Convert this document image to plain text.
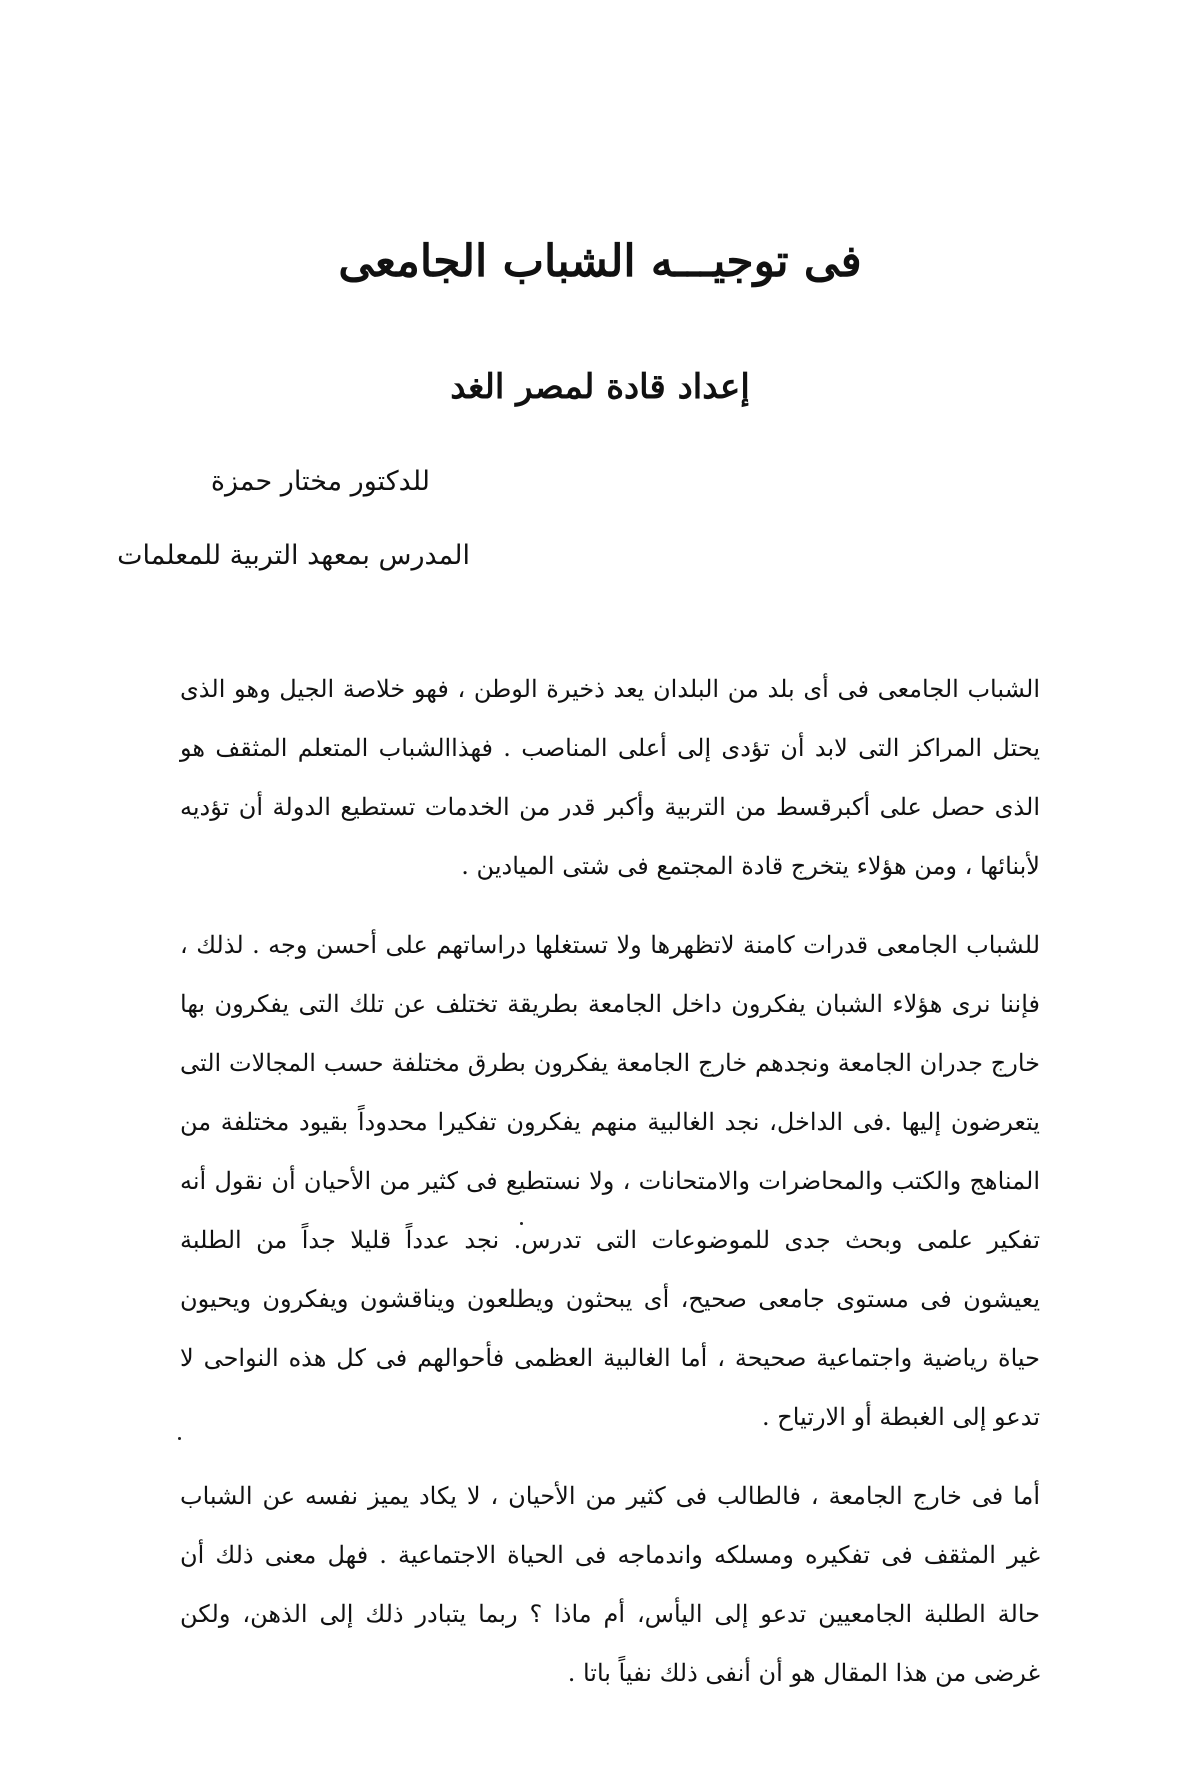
فى توجيـــه الشباب الجامعى
إعداد قادة لمصر الغد

للدكتور مختار حمزة

المدرس بمعهد التربية للمعلمات

الشباب الجامعى فى أى بلد من البلدان يعد ذخيرة الوطن ، فهو خلاصة الجيل وهو الذى يحتل المراكز التى لابد أن تؤدى إلى أعلى المناصب . فهذاالشباب المتعلم المثقف هو الذى حصل على أكبرقسط من التربية وأكبر قدر من الخدمات تستطيع الدولة أن تؤديه لأبنائها ، ومن هؤلاء يتخرج قادة المجتمع فى شتى الميادين .

للشباب الجامعى قدرات كامنة لاتظهرها ولا تستغلها دراساتهم على أحسن وجه . لذلك ، فإننا نرى هؤلاء الشبان يفكرون داخل الجامعة بطريقة تختلف عن تلك التى يفكرون بها خارج جدران الجامعة ونجدهم خارج الجامعة يفكرون بطرق مختلفة حسب المجالات التى يتعرضون إليها .فى الداخل، نجد الغالبية منهم يفكرون تفكيرا محدوداً بقيود مختلفة من المناهج والكتب والمحاضرات والامتحانات ، ولا نستطيع فى كثير من الأحيان أن نقول أنه تفكير علمى وبحث جدى للموضوعات التى تدرس. نجد عدداً قليلا جداً من الطلبة يعيشون فى مستوى جامعى صحيح، أى يبحثون ويطلعون ويناقشون ويفكرون ويحيون حياة رياضية واجتماعية صحيحة ، أما الغالبية العظمى فأحوالهم فى كل هذه النواحى لا تدعو إلى الغبطة أو الارتياح .

أما فى خارج الجامعة ، فالطالب فى كثير من الأحيان ، لا يكاد يميز نفسه عن الشباب غير المثقف فى تفكيره ومسلكه واندماجه فى الحياة الاجتماعية . فهل معنى ذلك أن حالة الطلبة الجامعيين تدعو إلى اليأس، أم ماذا ؟ ربما يتبادر ذلك إلى الذهن، ولكن غرضى من هذا المقال هو أن أنفى ذلك نفياً باتا .
